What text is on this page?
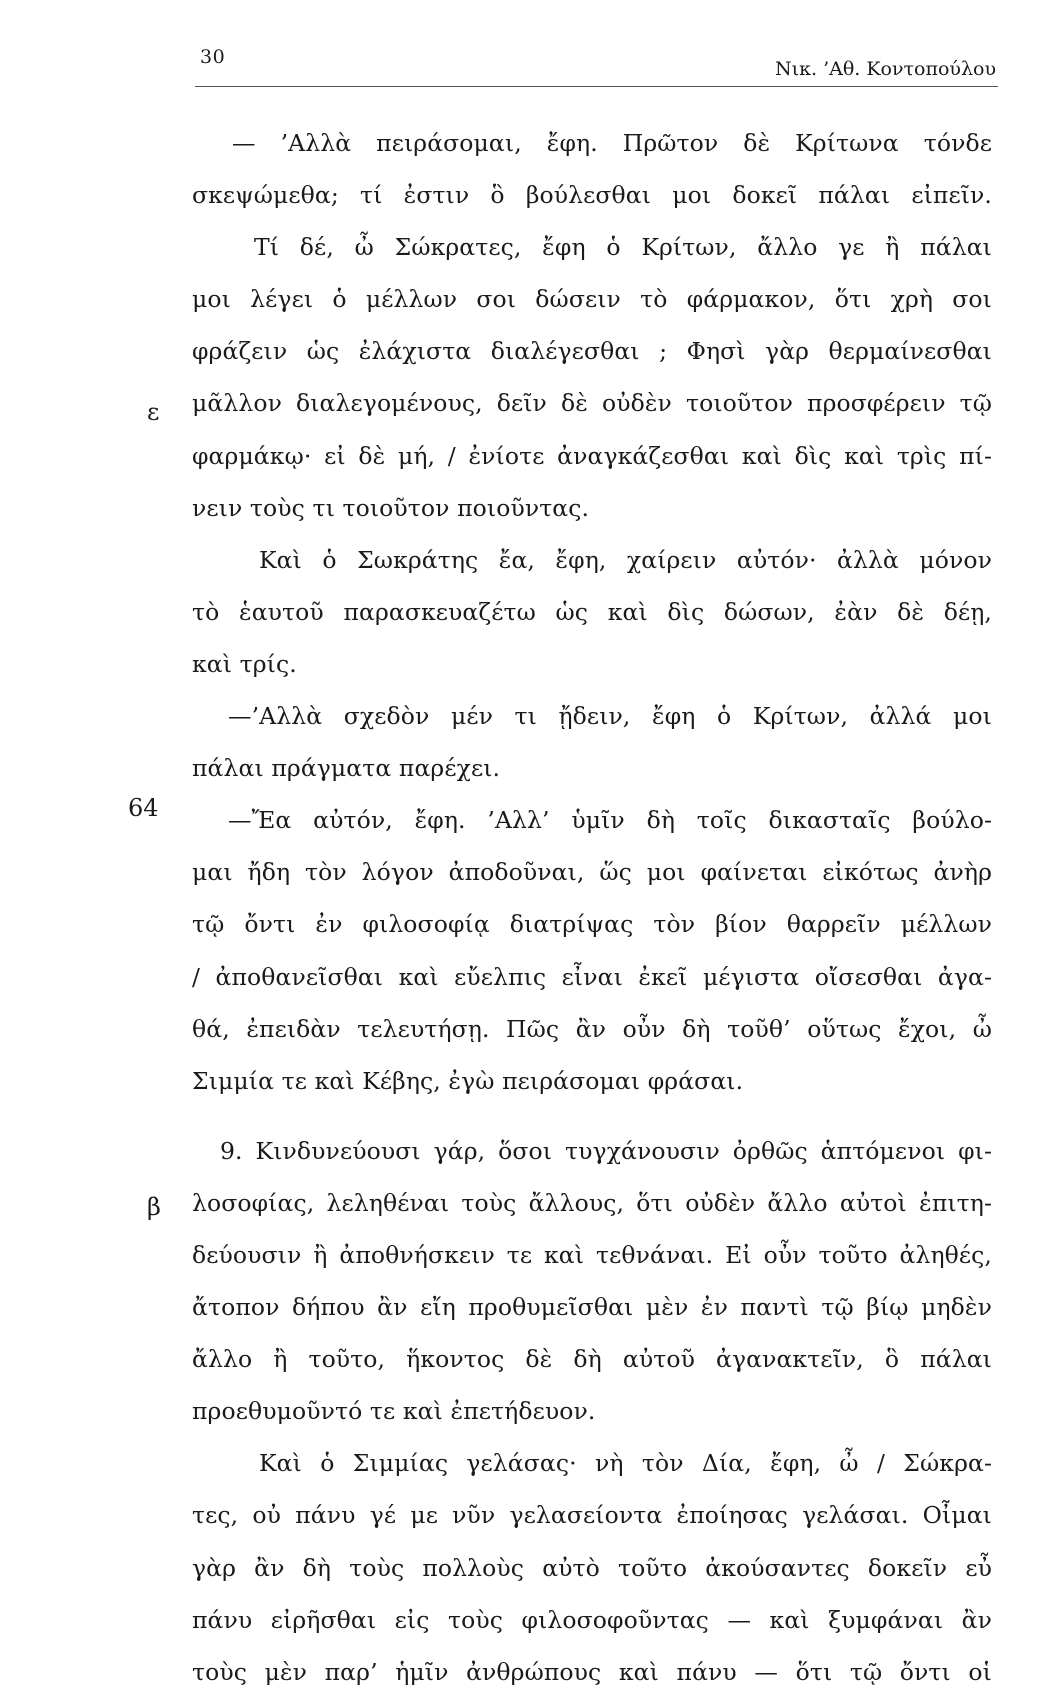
30
Νικ. ’Αθ. Κοντοπούλου
ε
64
β
— ’Αλλὰ πειράσομαι, ἔφη. Πρῶτον δὲ Κρίτωνα τόνδε
σκεψώμεθα; τί ἐστιν ὃ βούλεσθαι μοι δοκεῖ πάλαι εἰπεῖν.
Τί δέ, ὦ Σώκρατες, ἔφη ὁ Κρίτων, ἄλλο γε ἢ πάλαι
μοι λέγει ὁ μέλλων σοι δώσειν τὸ φάρμακον, ὅτι χρὴ σοι
φράζειν ὡς ἐλάχιστα διαλέγεσθαι ; Φησὶ γὰρ θερμαίνεσθαι
μᾶλλον διαλεγομένους, δεῖν δὲ οὐδὲν τοιοῦτον προσφέρειν τῷ
φαρμάκῳ· εἰ δὲ μή, / ἐνίοτε ἀναγκάζεσθαι καὶ δὶς καὶ τρὶς πί-
νειν τοὺς τι τοιοῦτον ποιοῦντας.
Καὶ ὁ Σωκράτης ἔα, ἔφη, χαίρειν αὐτόν· ἀλλὰ μόνον
τὸ ἑαυτοῦ παρασκευαζέτω ὡς καὶ δὶς δώσων, ἐὰν δὲ δέῃ,
καὶ τρίς.
—’Αλλὰ σχεδὸν μέν τι ᾔδειν, ἔφη ὁ Κρίτων, ἀλλά μοι
πάλαι πράγματα παρέχει.
—Ἔα αὐτόν, ἔφη. ’Αλλ’ ὑμῖν δὴ τοῖς δικασταῖς βούλο-
μαι ἤδη τὸν λόγον ἀποδοῦναι, ὥς μοι φαίνεται εἰκότως ἀνὴρ
τῷ ὄντι ἐν φιλοσοφίᾳ διατρίψας τὸν βίον θαρρεῖν μέλλων
/ ἀποθανεῖσθαι καὶ εὔελπις εἶναι ἐκεῖ μέγιστα οἴσεσθαι ἀγα-
θά, ἐπειδὰν τελευτήσῃ. Πῶς ἂν οὖν δὴ τοῦθ’ οὕτως ἔχοι, ὦ
Σιμμία τε καὶ Κέβης, ἐγὼ πειράσομαι φράσαι.
9. Κινδυνεύουσι γάρ, ὅσοι τυγχάνουσιν ὀρθῶς ἁπτόμενοι φι-
λοσοφίας, λεληθέναι τοὺς ἄλλους, ὅτι οὐδὲν ἄλλο αὐτοὶ ἐπιτη-
δεύουσιν ἢ ἀποθνήσκειν τε καὶ τεθνάναι. Εἰ οὖν τοῦτο ἀληθές,
ἄτοπον δήπου ἂν εἴη προθυμεῖσθαι μὲν ἐν παντὶ τῷ βίῳ μηδὲν
ἄλλο ἢ τοῦτο, ἥκοντος δὲ δὴ αὐτοῦ ἀγανακτεῖν, ὃ πάλαι
προεθυμοῦντό τε καὶ ἐπετήδευον.
Καὶ ὁ Σιμμίας γελάσας· νὴ τὸν Δία, ἔφη, ὦ / Σώκρα-
τες, οὐ πάνυ γέ με νῦν γελασείοντα ἐποίησας γελάσαι. Οἶμαι
γὰρ ἂν δὴ τοὺς πολλοὺς αὐτὸ τοῦτο ἀκούσαντες δοκεῖν εὖ
πάνυ εἰρῆσθαι εἰς τοὺς φιλοσοφοῦντας — καὶ ξυμφάναι ἂν
τοὺς μὲν παρ’ ἡμῖν ἀνθρώπους καὶ πάνυ — ὅτι τῷ ὄντι οἱ
